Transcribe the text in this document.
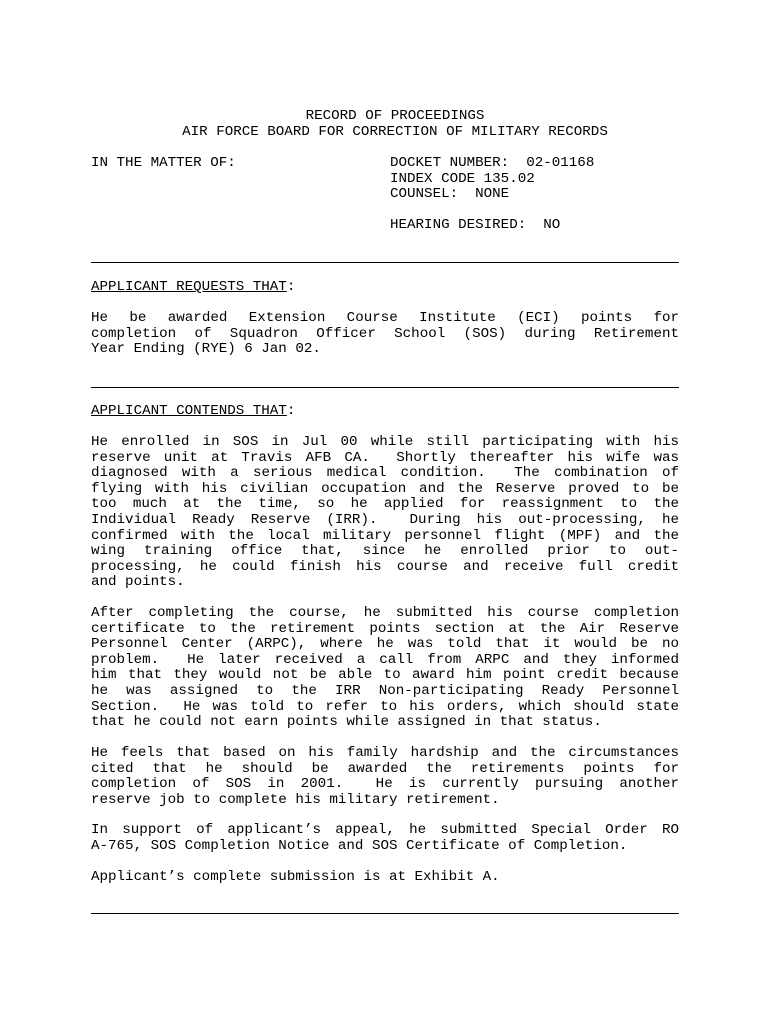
RECORD OF PROCEEDINGS
AIR FORCE BOARD FOR CORRECTION OF MILITARY RECORDS
IN THE MATTER OF:	DOCKET NUMBER:  02-01168
INDEX CODE 135.02
COUNSEL:  NONE
HEARING DESIRED:  NO
APPLICANT REQUESTS THAT:
He be awarded Extension Course Institute (ECI) points for
completion of Squadron Officer School (SOS) during Retirement
Year Ending (RYE) 6 Jan 02.
APPLICANT CONTENDS THAT:
He enrolled in SOS in Jul 00 while still participating with his
reserve unit at Travis AFB CA.  Shortly thereafter his wife was
diagnosed with a serious medical condition.  The combination of
flying with his civilian occupation and the Reserve proved to be
too much at the time, so he applied for reassignment to the
Individual Ready Reserve (IRR).  During his out-processing, he
confirmed with the local military personnel flight (MPF) and the
wing training office that, since he enrolled prior to out-
processing, he could finish his course and receive full credit
and points.
After completing the course, he submitted his course completion
certificate to the retirement points section at the Air Reserve
Personnel Center (ARPC), where he was told that it would be no
problem.  He later received a call from ARPC and they informed
him that they would not be able to award him point credit because
he was assigned to the IRR Non-participating Ready Personnel
Section.  He was told to refer to his orders, which should state
that he could not earn points while assigned in that status.
He feels that based on his family hardship and the circumstances
cited that he should be awarded the retirements points for
completion of SOS in 2001.  He is currently pursuing another
reserve job to complete his military retirement.
In support of applicant’s appeal, he submitted Special Order RO
A-765, SOS Completion Notice and SOS Certificate of Completion.
Applicant’s complete submission is at Exhibit A.
